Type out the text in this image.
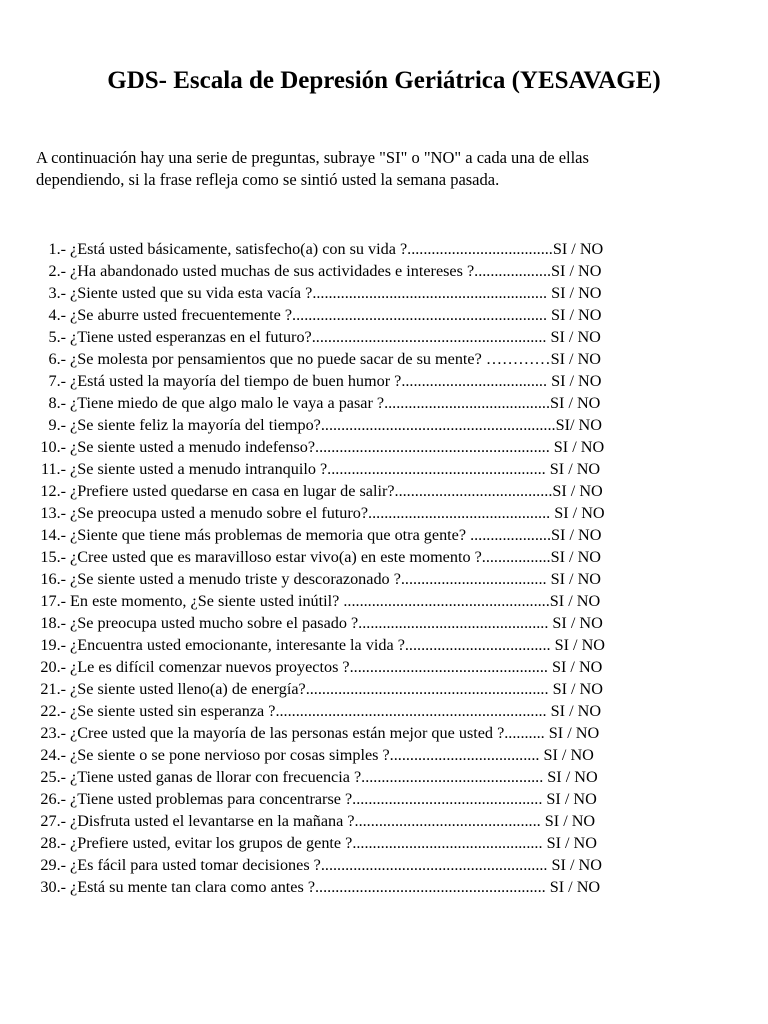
GDS- Escala de Depresión Geriátrica (YESAVAGE)
A continuación hay una serie de preguntas, subraye "SI" o "NO" a cada una de ellas
dependiendo, si la frase refleja como se sintió usted la semana pasada.
1.- ¿Está usted básicamente, satisfecho(a) con su vida ?....................................SI / NO
2.- ¿Ha abandonado usted muchas de sus actividades e intereses ?...................SI / NO
3.- ¿Siente usted que su vida esta vacía ?.......................................................... SI / NO
4.- ¿Se aburre usted frecuentemente ?............................................................... SI / NO
5.- ¿Tiene usted esperanzas en el futuro?.......................................................... SI / NO
6.- ¿Se molesta por pensamientos que no puede sacar de su mente? …………SI / NO
7.- ¿Está usted la mayoría del tiempo de buen humor ?.................................... SI / NO
8.- ¿Tiene miedo de que algo malo le vaya a pasar ?.........................................SI / NO
9.- ¿Se siente feliz la mayoría del tiempo?..........................................................SI/ NO
10.- ¿Se siente usted a menudo indefenso?.......................................................... SI / NO
11.- ¿Se siente usted a menudo intranquilo ?...................................................... SI / NO
12.- ¿Prefiere usted quedarse en casa en lugar de salir?.......................................SI / NO
13.- ¿Se preocupa usted a menudo sobre el futuro?............................................. SI / NO
14.- ¿Siente que tiene más problemas de memoria que otra gente? ....................SI / NO
15.- ¿Cree usted que es maravilloso estar vivo(a) en este momento ?.................SI / NO
16.- ¿Se siente usted a menudo triste y descorazonado ?.................................... SI / NO
17.- En este momento, ¿Se siente usted inútil? ...................................................SI / NO
18.- ¿Se preocupa usted mucho sobre el pasado ?............................................... SI / NO
19.- ¿Encuentra usted emocionante, interesante la vida ?.................................... SI / NO
20.- ¿Le es difícil comenzar nuevos proyectos ?................................................. SI / NO
21.- ¿Se siente usted lleno(a) de energía?............................................................ SI / NO
22.- ¿Se siente usted sin esperanza ?................................................................... SI / NO
23.- ¿Cree usted que la mayoría de las personas están mejor que usted ?.......... SI / NO
24.- ¿Se siente o se pone nervioso por cosas simples ?..................................... SI / NO
25.- ¿Tiene usted ganas de llorar con frecuencia ?............................................. SI / NO
26.- ¿Tiene usted problemas para concentrarse ?............................................... SI / NO
27.- ¿Disfruta usted el levantarse en la mañana ?.............................................. SI / NO
28.- ¿Prefiere usted, evitar los grupos de gente ?............................................... SI / NO
29.- ¿Es fácil para usted tomar decisiones ?........................................................ SI / NO
30.- ¿Está su mente tan clara como antes ?......................................................... SI / NO
